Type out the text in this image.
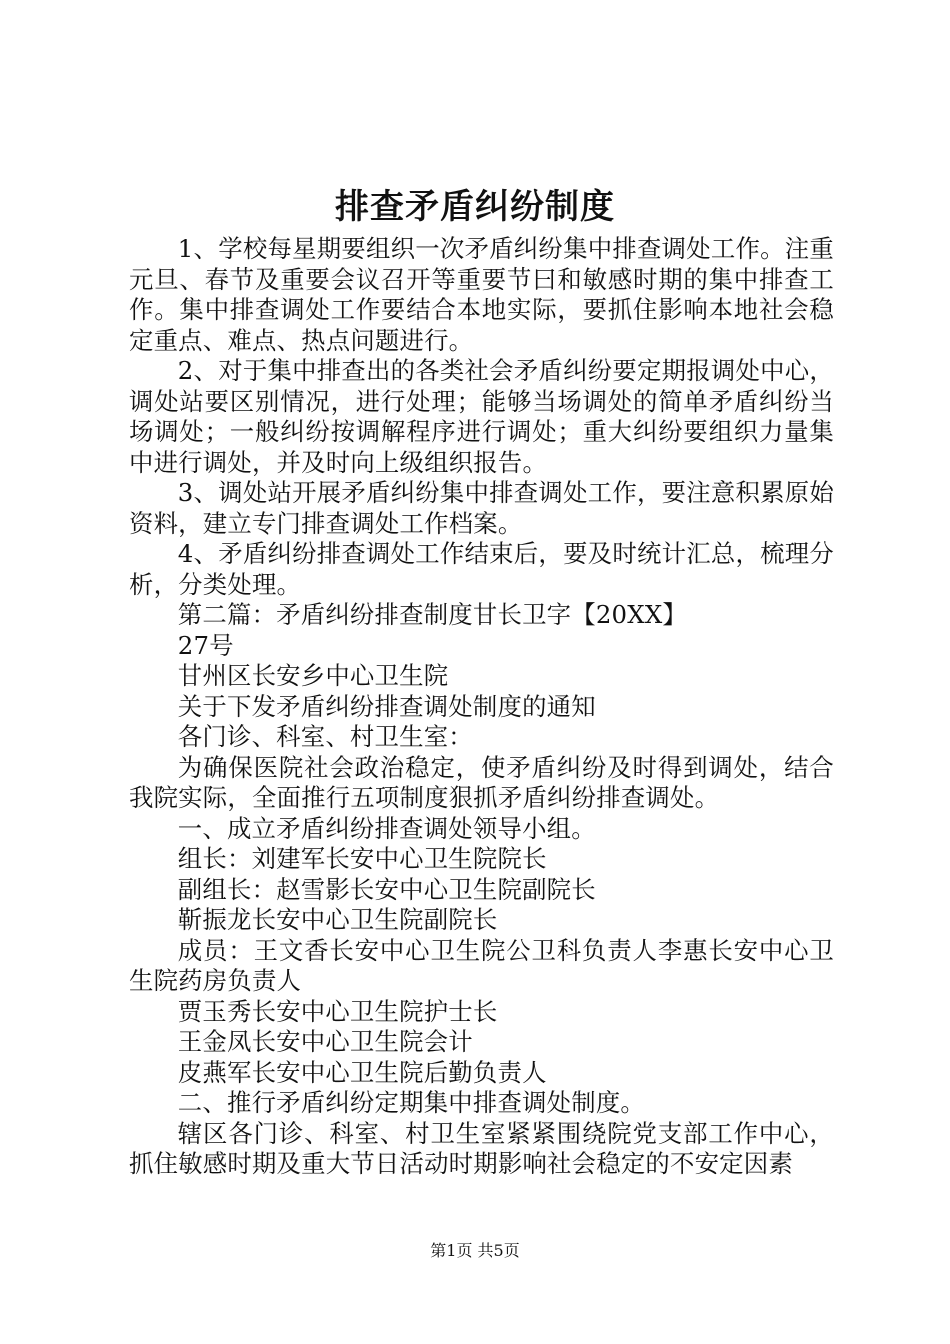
排查矛盾纠纷制度

1、学校每星期要组织一次矛盾纠纷集中排查调处工作。注重元旦、春节及重要会议召开等重要节曰和敏感时期的集中排查工作。集中排查调处工作要结合本地实际，要抓住影响本地社会稳定重点、难点、热点问题进行。

2、对于集中排查出的各类社会矛盾纠纷要定期报调处中心，调处站要区别情况，进行处理；能够当场调处的简单矛盾纠纷当场调处；一般纠纷按调解程序进行调处；重大纠纷要组织力量集中进行调处，并及时向上级组织报告。

3、调处站开展矛盾纠纷集中排查调处工作，要注意积累原始资料，建立专门排查调处工作档案。

4、矛盾纠纷排查调处工作结束后，要及时统计汇总，梳理分析，分类处理。

第二篇：矛盾纠纷排查制度甘长卫字【20XX】

27号

甘州区长安乡中心卫生院

关于下发矛盾纠纷排查调处制度的通知

各门诊、科室、村卫生室：

为确保医院社会政治稳定，使矛盾纠纷及时得到调处，结合我院实际，全面推行五项制度狠抓矛盾纠纷排查调处。

一、成立矛盾纠纷排查调处领导小组。

组长：刘建军长安中心卫生院院长

副组长：赵雪影长安中心卫生院副院长

靳振龙长安中心卫生院副院长

成员：王文香长安中心卫生院公卫科负责人李惠长安中心卫生院药房负责人

贾玉秀长安中心卫生院护士长

王金凤长安中心卫生院会计

皮燕军长安中心卫生院后勤负责人

二、推行矛盾纠纷定期集中排查调处制度。

辖区各门诊、科室、村卫生室紧紧围绕院党支部工作中心，抓住敏感时期及重大节日活动时期影响社会稳定的不安定因素

第1页 共5页
